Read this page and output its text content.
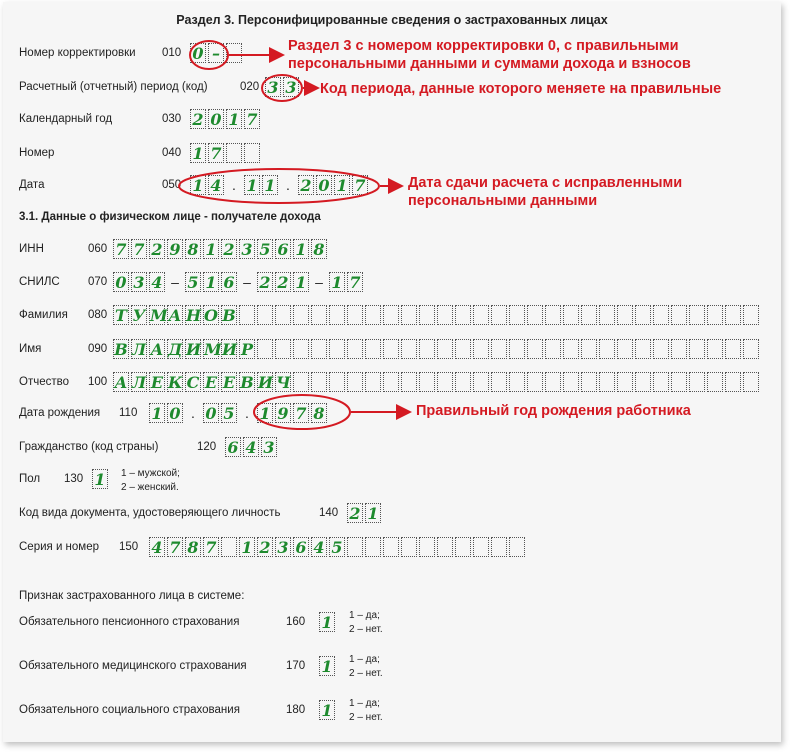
Раздел 3. Персонифицированные сведения о застрахованных лицах
Номер корректировки 010 0 –
Расчетный (отчетный) период (код)	020 3 3
Календарный год	030 2 0 1 7
Номер	040 1 7
Дата	050 1 4 . 1 1 . 2 0 1 7
3.1. Данные о физическом лице - получателе дохода
ИНН	060 7 7 2 9 8 1 2 3 5 6 1 8
СНИЛС 070 0 3 4 – 5 1 6 – 2 2 1 – 1 7
Фамилия 080 Т У М А Н О В
Имя	090 В Л А Д И М И Р
Отчество 100 А Л Е К С Е Е В И Ч
Дата рождения 110 1 0 . 0 5 . 1 9 7 8
Гражданство (код страны)	120 6 4 3
Пол 130 1 1 – мужской;
2 – женский.
Код вида документа, удостоверяющего личность	140 2 1
Серия и номер 150 4 7 8 7 1 2 3 6 4 5
Признак застрахованного лица в системе:
Обязательного пенсионного страхования	160 1 1 – да;
2 – нет.
Обязательного медицинского страхования	170 1 1 – да;
2 – нет.
Обязательного социального страхования	180 1 1 – да;
2 – нет.
Раздел 3 с номером корректировки 0, с правильными
персональными данными и суммами дохода и взносов
Код периода, данные которого меняете на правильные
Дата сдачи расчета с исправленными
персональными данными
Правильный год рождения работника
